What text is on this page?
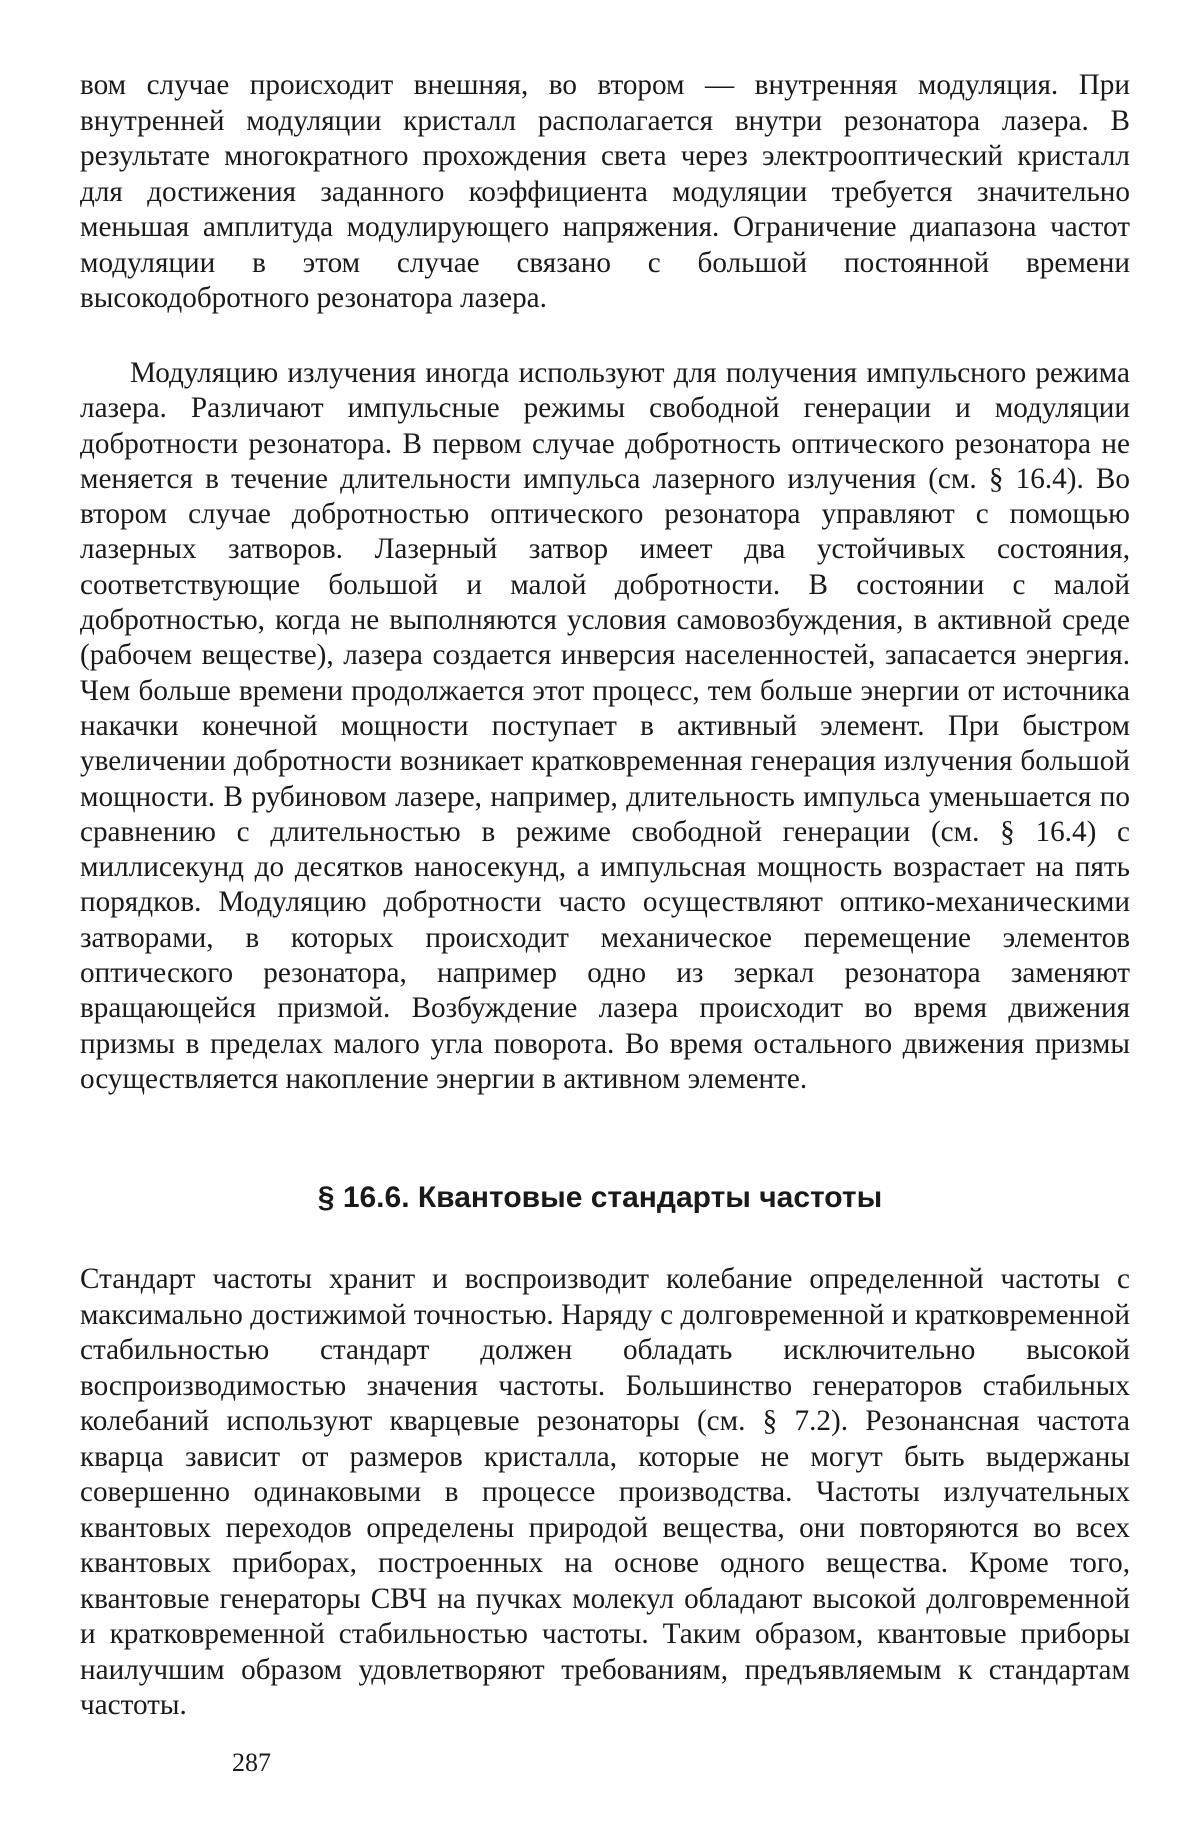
вом случае происходит внешняя, во втором — внутренняя модуляция. При внутренней модуляции кристалл располагается внутри резонатора лазера. В результате многократного прохождения света через электрооптический кристалл для достижения заданного коэффициента модуляции требуется значительно меньшая амплитуда модулирующего напряжения. Ограничение диапазона частот модуляции в этом случае связано с большой постоянной времени высокодобротного резонатора лазера.

Модуляцию излучения иногда используют для получения импульсного режима лазера. Различают импульсные режимы свободной генерации и модуляции добротности резонатора. В первом случае добротность оптического резонатора не меняется в течение длительности импульса лазерного излучения (см. § 16.4). Во втором случае добротностью оптического резонатора управляют с помощью лазерных затворов. Лазерный затвор имеет два устойчивых состояния, соответствующие большой и малой добротности. В состоянии с малой добротностью, когда не выполняются условия самовозбуждения, в активной среде (рабочем веществе), лазера создается инверсия населенностей, запасается энергия. Чем больше времени продолжается этот процесс, тем больше энергии от источника накачки конечной мощности поступает в активный элемент. При быстром увеличении добротности возникает кратковременная генерация излучения большой мощности. В рубиновом лазере, например, длительность импульса уменьшается по сравнению с длительностью в режиме свободной генерации (см. § 16.4) с миллисекунд до десятков наносекунд, а импульсная мощность возрастает на пять порядков. Модуляцию добротности часто осуществляют оптико-механическими затворами, в которых происходит механическое перемещение элементов оптического резонатора, например одно из зеркал резонатора заменяют вращающейся призмой. Возбуждение лазера происходит во время движения призмы в пределах малого угла поворота. Во время остального движения призмы осуществляется накопление энергии в активном элементе.

§ 16.6. Квантовые стандарты частоты

Стандарт частоты хранит и воспроизводит колебание определенной частоты с максимально достижимой точностью. Наряду с долговременной и кратковременной стабильностью стандарт должен обладать исключительно высокой воспроизводимостью значения частоты. Большинство генераторов стабильных колебаний используют кварцевые резонаторы (см. § 7.2). Резонансная частота кварца зависит от размеров кристалла, которые не могут быть выдержаны совершенно одинаковыми в процессе производства. Частоты излучательных квантовых переходов определены природой вещества, они повторяются во всех квантовых приборах, построенных на основе одного вещества. Кроме того, квантовые генераторы СВЧ на пучках молекул обладают высокой долговременной и кратковременной стабильностью частоты. Таким образом, квантовые приборы наилучшим образом удовлетворяют требованиям, предъявляемым к стандартам частоты.

287
